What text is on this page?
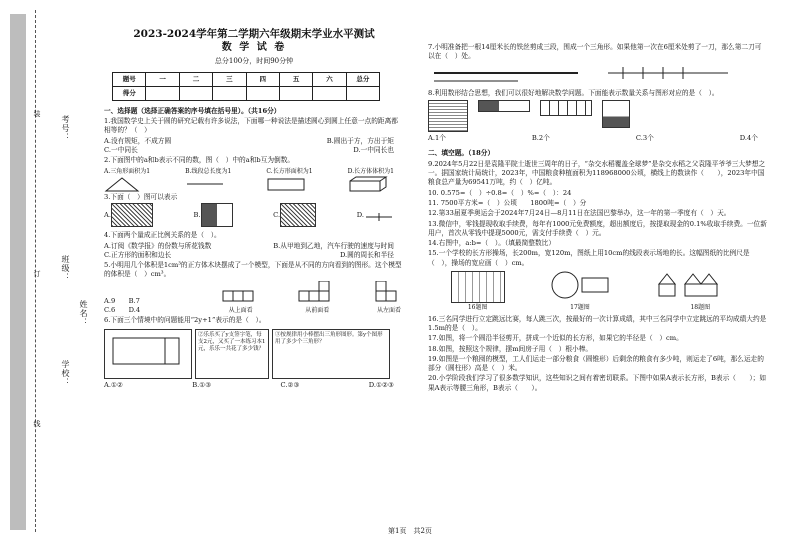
装
订
线
学校：
班级：
考号：
姓名：
2023-2024学年第二学期六年级期末学业水平测试
数 学 试 卷
总分100分，时间90分钟
题号	一	二	三	四	五	六	总分
得分							
一、选择题（选择正确答案的序号填在括号里）。（共16分）
1.我国数学史上关于圆的研究记载有许多说法，下面哪一种说法是描述圆心到圆上任意一点的距离都相等的？（　）
A.没有规矩，不成方圆	B.圆出于方，方出于矩
C.一中同长	D.一中同长也
2.下面图中的a和b表示不同的数，图（　）中的a和b互为倒数。
A.三角形面积为1	B.线段总长度为1	C.长方形面积为1	D.长方体体积为1

3.下面（　）图可以表示
A.	B.	C.	D.
4.下面两个量成正比例关系的是（　）。
A.订阅《数学报》的份数与所花钱数	B.从甲地到乙地，汽车行驶的速度与时间
C.正方形的面积和边长	D.圆的周长和半径
5.小明用几个体积是1cm³的正方体木块摆成了一个模型，下面是从不同的方向看到的图形。这个模型的体积是（　）cm³。
A.9　　 B.7
C.6　　 D.4	从上面看	从前面看	从左面看
6.下面三个情境中的问题能用“2y+1”表示的是（　）。
②乐乐买了y支签字笔，每支2元，又买了一本练习本1元，乐乐一共花了多少钱？
③按规律用小棒摆出三角形图形。第y个图形用了多少个三角形？
A.①②	B.①③	C.②③	D.①②③
7.小明准备把一根14厘米长的铁丝剪成三段，围成一个三角形。如果他第一次在6厘米处剪了一刀，那么第二刀可以在（　）处。
8.利用数形结合思想，我们可以很好地解决数学问题。下面能表示数量关系与图形对应的是（　）。
A.1个	B.2个	C.3个	D.4个
二、填空题。（18分）
9.2024年5月22日是袁隆平院士逝世三周年的日子，“杂交水稻覆盖全球梦”是杂交水稻之父袁隆平爷爷三大梦想之一。据国家统计局统计，2023年，中国粮食种植面积为118968000公顷，横线上的数读作（　　），2023年中国粮食总产量为69541万吨，约（　）亿吨。
10. 0.575=（　）÷0.8=（　）%=（　）：24
11. 7500平方米=（　）公顷　　1800吨=（　）分
12.第33届夏季奥运会于2024年7月24日—8月11日在法国巴黎举办，这一年的第一季度有（　）天。
13.微信中，零钱提现收取手续费，每年有1000元免费额度，超出额度后，按提取现金的0.1%收取手续费。一位新用户，首次从零钱中提现5000元，需支付手续费（　）元。
14.右图中，a:b=（　）。（填最简整数比）
15.一个学校的长方形操场，长200m，宽120m，图纸上用10cm的线段表示场地的长。这幅图纸的比例尺是（　），操场的宽应画（　）cm。

16题图	17题图	18题图
16.三名同学进行立定跳远比赛，每人跳三次，按最好的一次计算成绩，其中三名同学中立定跳远的平均成绩大约是1.5m的是（　）。
17.如图，将一个圆沿半径剪开，拼成一个近似的长方形，如果它的半径是（　）cm。
18.如图，按照这个规律，摆m间房子用（　）根小棒。
19.如图是一个粮囤的模型，工人们运走一部分粮食（圆锥形）后剩余的粮食有多少吨，则运走了6吨，那么运走的部分（圆柱形）高是（　）米。
20.小学阶段我们学习了很多数学知识，这些知识之间有着密切联系。下图中如果A表示长方形，B表示（　　）；如果A表示等腰三角形，B表示（　　）。
第1页　共2页
